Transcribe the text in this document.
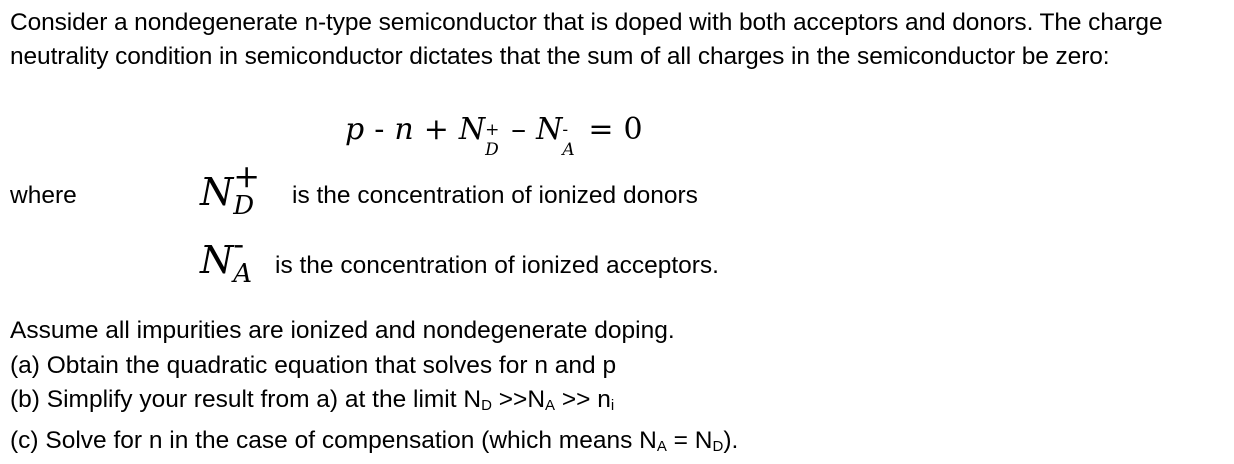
Consider a nondegenerate n-type semiconductor that is doped with both acceptors and donors. The charge neutrality condition in semiconductor dictates that the sum of all charges in the semiconductor be zero:
p - n + N +
D
– N -
A
= 0
where	N +
D is the concentration of ionized donors
N -
A is the concentration of ionized acceptors.
Assume all impurities are ionized and nondegenerate doping.
(a) Obtain the quadratic equation that solves for n and p
(b) Simplify your result from a) at the limit ND >>NA >> ni
(c) Solve for n in the case of compensation (which means NA = ND).
